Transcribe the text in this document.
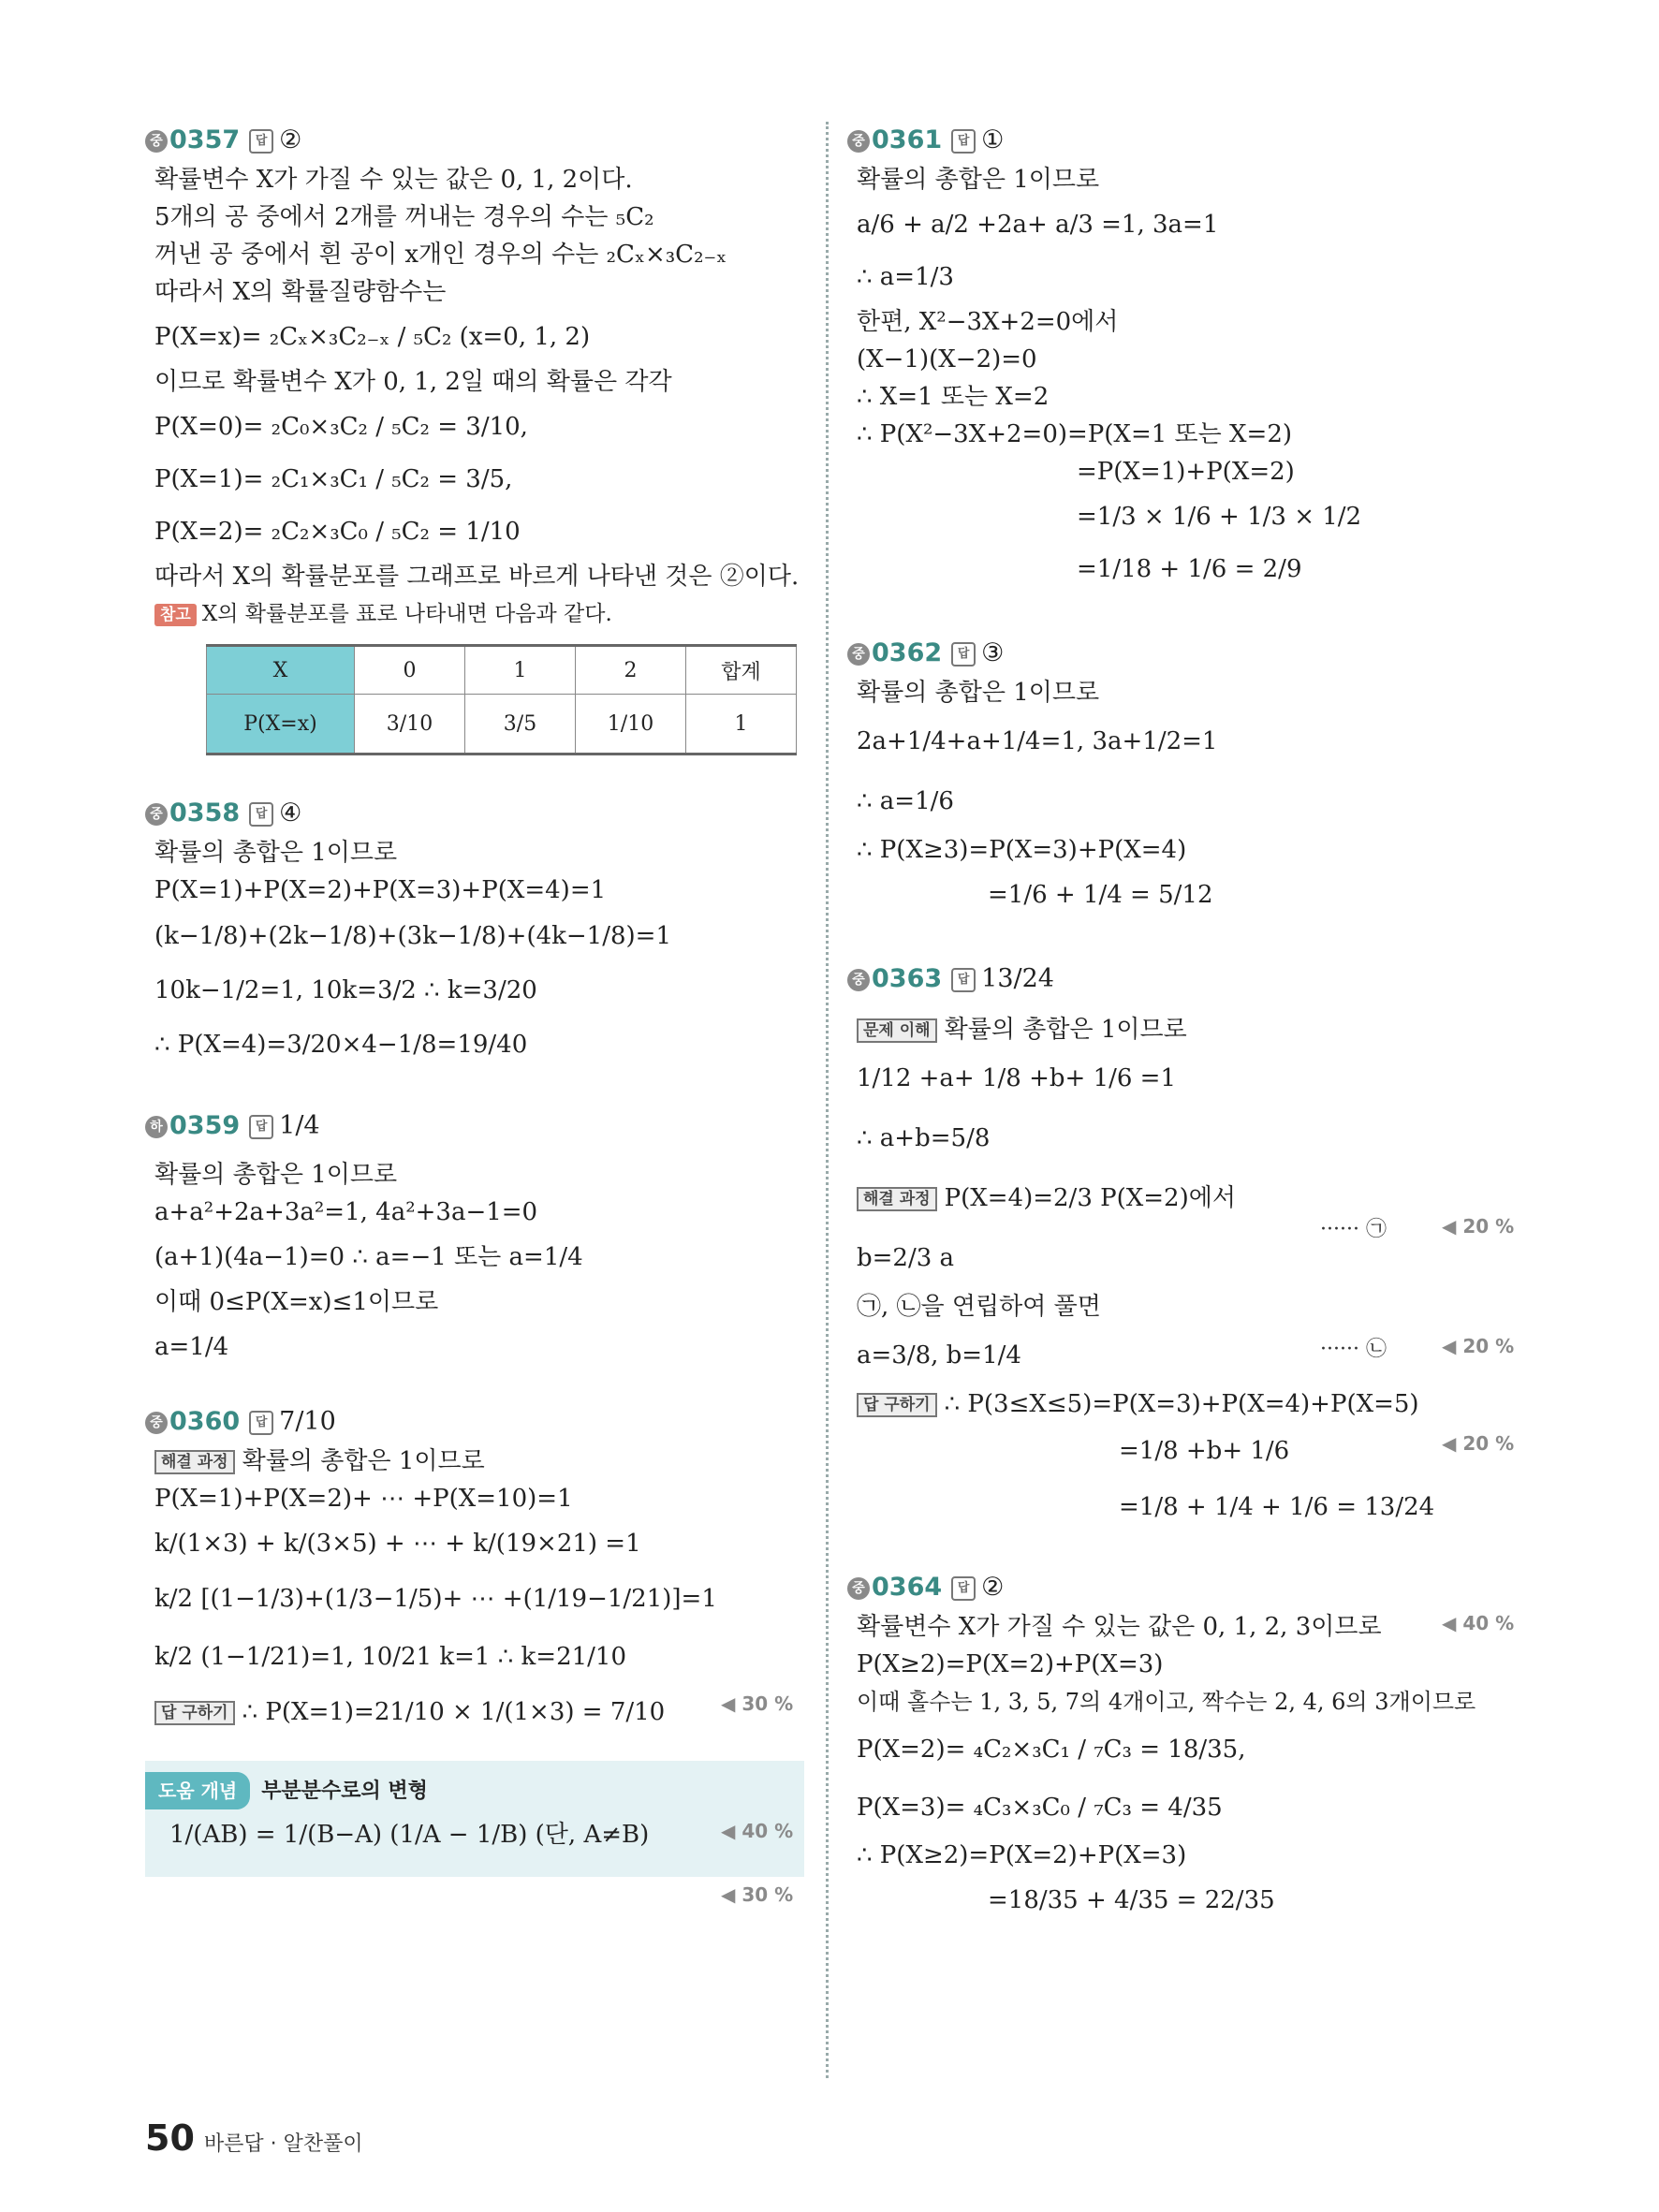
중 0357 답 ②
확률변수 X가 가질 수 있는 값은 0, 1, 2이다.
5개의 공 중에서 2개를 꺼내는 경우의 수는 ₅C₂
꺼낸 공 중에서 흰 공이 x개인 경우의 수는 ₂Cₓ×₃C₂₋ₓ
따라서 X의 확률질량함수는
P(X=x)= ₂Cₓ×₃C₂₋ₓ / ₅C₂ (x=0, 1, 2)
이므로 확률변수 X가 0, 1, 2일 때의 확률은 각각
P(X=0)= ₂C₀×₃C₂ / ₅C₂ = 3/10,
P(X=1)= ₂C₁×₃C₁ / ₅C₂ = 3/5,
P(X=2)= ₂C₂×₃C₀ / ₅C₂ = 1/10
따라서 X의 확률분포를 그래프로 바르게 나타낸 것은 ②이다.
참고 X의 확률분포를 표로 나타내면 다음과 같다.
X	0	1	2	합계
P(X=x)	3/10	3/5	1/10	1
중 0358 답 ④
확률의 총합은 1이므로
P(X=1)+P(X=2)+P(X=3)+P(X=4)=1
(k−1/8)+(2k−1/8)+(3k−1/8)+(4k−1/8)=1
10k−1/2=1, 10k=3/2 ∴ k=3/20
∴ P(X=4)=3/20×4−1/8=19/40
하 0359 답 1/4
확률의 총합은 1이므로
a+a²+2a+3a²=1, 4a²+3a−1=0
(a+1)(4a−1)=0 ∴ a=−1 또는 a=1/4
이때 0≤P(X=x)≤1이므로
a=1/4
중 0360 답 7/10
해결 과정 확률의 총합은 1이므로
P(X=1)+P(X=2)+ ⋯ +P(X=10)=1
k/(1×3) + k/(3×5) + ⋯ + k/(19×21) =1
k/2 [(1−1/3)+(1/3−1/5)+ ⋯ +(1/19−1/21)]=1
k/2 (1−1/21)=1, 10/21 k=1 ∴ k=21/10
답 구하기 ∴ P(X=1)=21/10 × 1/(1×3) = 7/10
도움 개념 부분분수로의 변형
1/(AB) = 1/(B−A) (1/A − 1/B) (단, A≠B)
◀ 30 %
◀ 40 %
◀ 30 %
중 0361 답 ①
확률의 총합은 1이므로
a/6 + a/2 +2a+ a/3 =1, 3a=1
∴ a=1/3
한편, X²−3X+2=0에서
(X−1)(X−2)=0
∴ X=1 또는 X=2
∴ P(X²−3X+2=0)=P(X=1 또는 X=2)
=P(X=1)+P(X=2)
=1/3 × 1/6 + 1/3 × 1/2
=1/18 + 1/6 = 2/9
중 0362 답 ③
확률의 총합은 1이므로
2a+1/4+a+1/4=1, 3a+1/2=1
∴ a=1/6
∴ P(X≥3)=P(X=3)+P(X=4)
=1/6 + 1/4 = 5/12
중 0363 답 13/24
문제 이해 확률의 총합은 1이므로
1/12 +a+ 1/8 +b+ 1/6 =1
∴ a+b=5/8
해결 과정 P(X=4)=2/3 P(X=2)에서
b=2/3 a
㉠, ㉡을 연립하여 풀면
a=3/8, b=1/4
답 구하기 ∴ P(3≤X≤5)=P(X=3)+P(X=4)+P(X=5)
=1/8 +b+ 1/6
=1/8 + 1/4 + 1/6 = 13/24
중 0364 답 ②
확률변수 X가 가질 수 있는 값은 0, 1, 2, 3이므로
P(X≥2)=P(X=2)+P(X=3)
이때 홀수는 1, 3, 5, 7의 4개이고, 짝수는 2, 4, 6의 3개이므로
P(X=2)= ₄C₂×₃C₁ / ₇C₃ = 18/35,
P(X=3)= ₄C₃×₃C₀ / ₇C₃ = 4/35
∴ P(X≥2)=P(X=2)+P(X=3)
=18/35 + 4/35 = 22/35
······ ㉠
······ ㉡
◀ 20 %
◀ 20 %
◀ 20 %
◀ 40 %
50 바른답 · 알찬풀이
